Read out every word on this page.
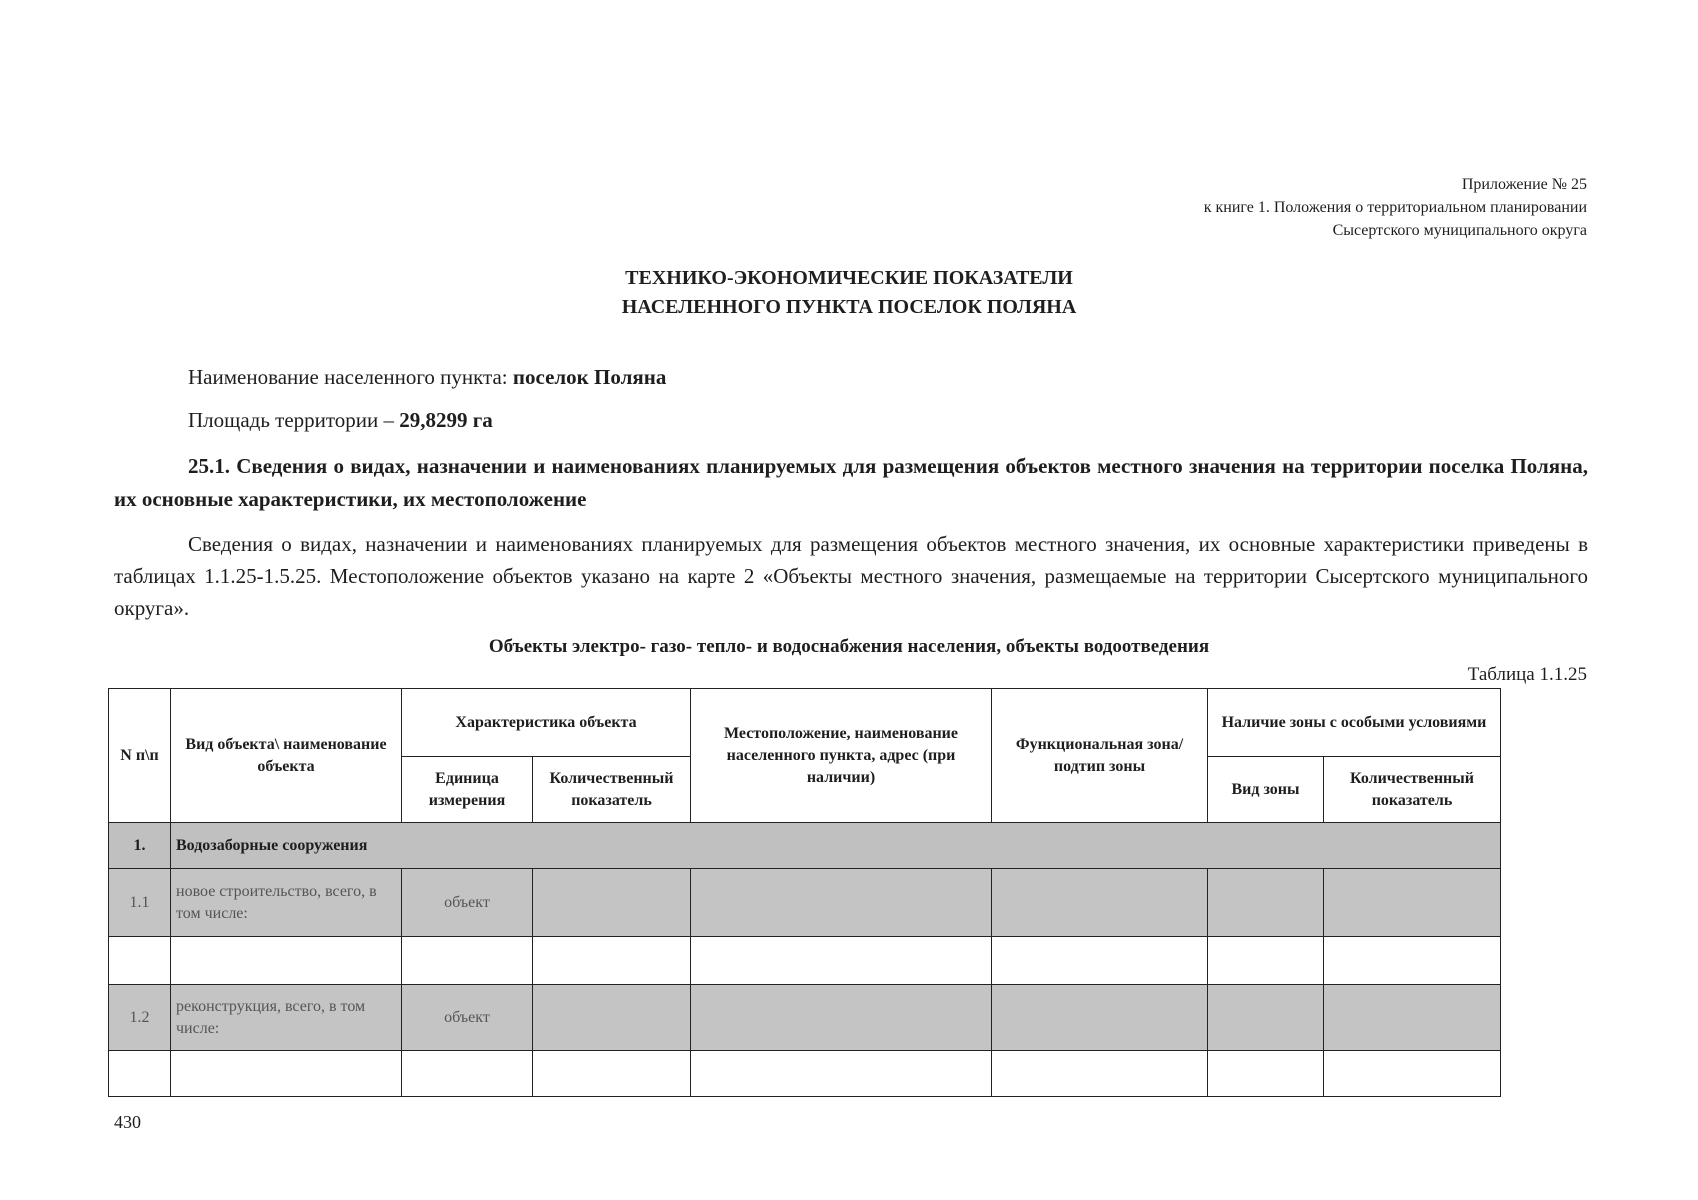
Приложение № 25
к книге 1. Положения о территориальном планировании
Сысертского муниципального округа
ТЕХНИКО-ЭКОНОМИЧЕСКИЕ ПОКАЗАТЕЛИ
НАСЕЛЕННОГО ПУНКТА ПОСЕЛОК ПОЛЯНА
Наименование населенного пункта: поселок Поляна
Площадь территории – 29,8299 га
25.1. Сведения о видах, назначении и наименованиях планируемых для размещения объектов местного значения на территории поселка Поляна, их основные характеристики, их местоположение
Сведения о видах, назначении и наименованиях планируемых для размещения объектов местного значения, их основные характеристики приведены в таблицах 1.1.25-1.5.25. Местоположение объектов указано на карте 2 «Объекты местного значения, размещаемые на территории Сысертского муниципального округа».
Объекты электро- газо- тепло- и водоснабжения населения, объекты водоотведения
Таблица 1.1.25
N п\п	Вид объекта\ наименование объекта	Характеристика объекта		Местоположение, наименование населенного пункта, адрес (при наличии)	Функциональная зона/ подтип зоны	Наличие зоны с особыми условиями	
		Единица измерения	Количественный показатель			Вид зоны	Количественный показатель
1.	Водозаборные сооружения						
1.1	новое строительство, всего, в том числе:	объект					

1.2	реконструкция, всего, в том числе:	объект					

430
